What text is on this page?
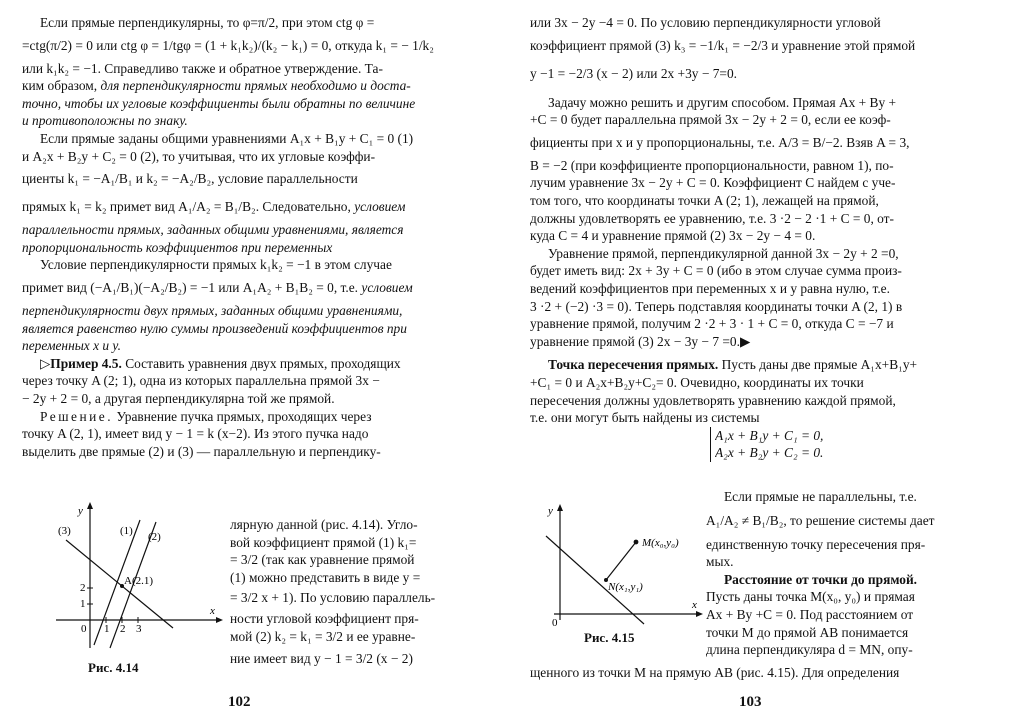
Если прямые перпендикулярны, то φ=π/2, при этом ctg φ =
=ctg(π/2) = 0 или ctg φ = 1/tgφ = (1 + k₁k₂)/(k₂ − k₁) = 0, откуда k₁ = − 1/k₂
или k₁k₂ = −1. Справедливо также и обратное утверждение. Та-
ким образом, для перпендикулярности прямых необходимо и доста-
точно, чтобы их угловые коэффициенты были обратны по величине
и противоположны по знаку.
Если прямые заданы общими уравнениями A₁x + B₁y + C₁ = 0 (1)
и A₂x + B₂y + C₂ = 0 (2), то учитывая, что их угловые коэффи-
циенты k₁ = −A₁/B₁ и k₂ = −A₂/B₂, условие параллельности
прямых k₁ = k₂ примет вид A₁/A₂ = B₁/B₂. Следовательно, условием
параллельности прямых, заданных общими уравнениями, является
пропорциональность коэффициентов при переменных
Условие перпендикулярности прямых k₁k₂ = −1 в этом случае
примет вид (−A₁/B₁)(−A₂/B₂) = −1 или A₁A₂ + B₁B₂ = 0, т.е. условием
перпендикулярности двух прямых, заданных общими уравнениями,
является равенство нулю суммы произведений коэффициентов при
переменных x и y.
▷Пример 4.5. Составить уравнения двух прямых, проходящих
через точку A (2; 1), одна из которых параллельна прямой 3x −
− 2y + 2 = 0, а другая перпендикулярна той же прямой.
Решение. Уравнение пучка прямых, проходящих через
точку A (2, 1), имеет вид y − 1 = k (x−2). Из этого пучка надо
выделить две прямые (2) и (3) — параллельную и перпендику-
лярную данной (рис. 4.14). Угло-
вой коэффициент прямой (1) k₁=
= 3/2 (так как уравнение прямой
(1) можно представить в виде y =
= 3/2 x + 1). По условию параллель-
ности угловой коэффициент пря-
мой (2) k₂ = k₁ = 3/2 и ее уравне-
ние имеет вид y − 1 = 3/2 (x − 2)
(3)	(1) (2)
A(2.1)
0 1 2 3
1
2
x
y
Рис. 4.14
102
или 3x − 2y −4 = 0. По условию перпендикулярности угловой
коэффициент прямой (3) k₃ = −1/k₁ = −2/3 и уравнение этой прямой
y −1 = −2/3 (x − 2) или 2x +3y − 7=0.
Задачу можно решить и другим способом. Прямая Ax + By +
+C = 0 будет параллельна прямой 3x − 2y + 2 = 0, если ее коэф-
фициенты при x и y пропорциональны, т.е. A/3 = B/−2. Взяв A = 3,
B = −2 (при коэффициенте пропорциональности, равном 1), по-
лучим уравнение 3x − 2y + C = 0. Коэффициент C найдем с уче-
том того, что координаты точки A (2; 1), лежащей на прямой,
должны удовлетворять ее уравнению, т.е. 3 ·2 − 2 ·1 + C = 0, от-
куда C = 4 и уравнение прямой (2) 3x − 2y − 4 = 0.
Уравнение прямой, перпендикулярной данной 3x − 2y + 2 =0,
будет иметь вид: 2x + 3y + C = 0 (ибо в этом случае сумма произ-
ведений коэффициентов при переменных x и y равна нулю, т.е.
3 ·2 + (−2) ·3 = 0). Теперь подставляя координаты точки A (2, 1) в
уравнение прямой, получим 2 ·2 + 3 · 1 + C = 0, откуда C = −7 и
уравнение прямой (3) 2x − 3y − 7 =0.▶
Точка пересечения прямых. Пусть даны две прямые A₁x+B₁y+
+C₁ = 0 и A₂x+B₂y+C₂= 0. Очевидно, координаты их точки
пересечения должны удовлетворять уравнению каждой прямой,
т.е. они могут быть найдены из системы
A₁x + B₁y + C₁ = 0,
A₂x + B₂y + C₂ = 0.
Если прямые не параллельны, т.е.
A₁/A₂ ≠ B₁/B₂, то решение системы дает
единственную точку пересечения пря-
мых.
Расстояние от точки до прямой.
Пусть даны точка M(x₀, y₀) и прямая
Ax + By +C = 0. Под расстоянием от
точки M до прямой AB понимается
длина перпендикуляра d = MN, опу-
щенного из точки M на прямую AB (рис. 4.15). Для определения
0
x
y
M(x₀,y₀)
N(x₁,y₁)
Рис. 4.15
103
